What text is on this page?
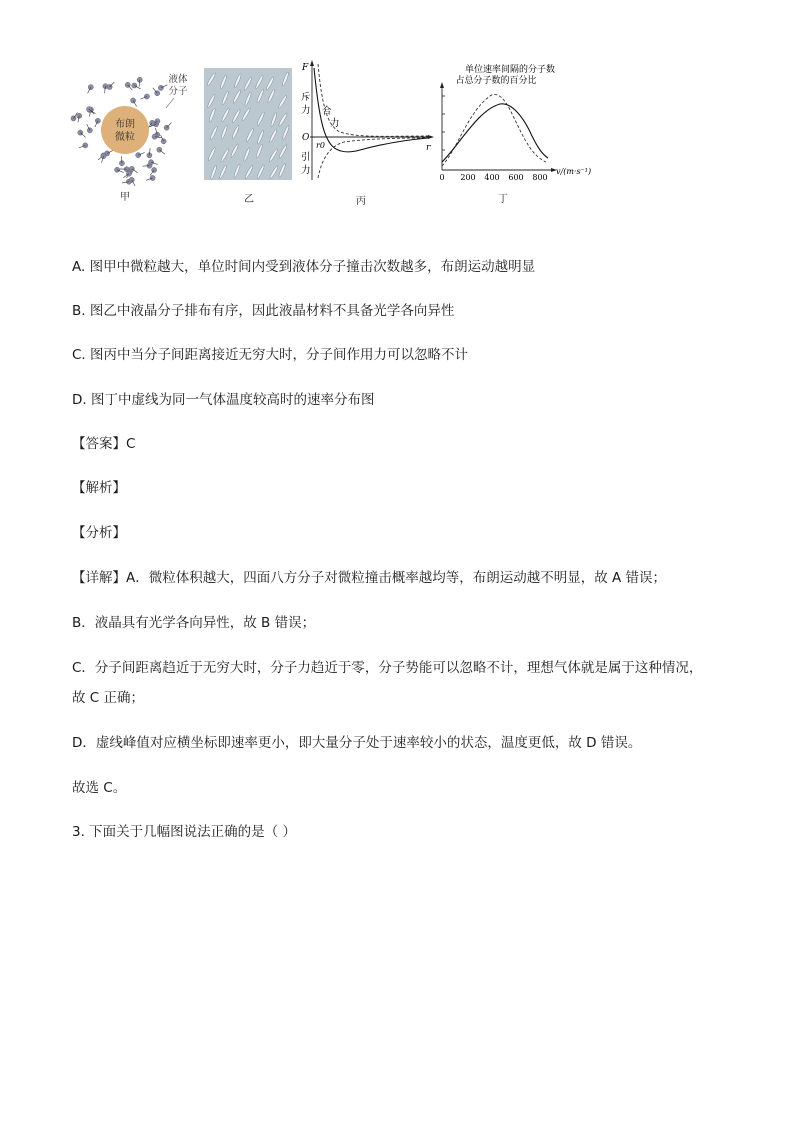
布朗
微粒
液体
分子
甲	乙
F
O
r
r0
斥
力
引
力
合
力
丙
单位速率间隔的分子数
占总分子数的百分比
0 200 400 600 800
v/(m·s⁻¹)
丁
A. 图甲中微粒越大，单位时间内受到液体分子撞击次数越多，布朗运动越明显
B. 图乙中液晶分子排布有序，因此液晶材料不具备光学各向异性
C. 图丙中当分子间距离接近无穷大时，分子间作用力可以忽略不计
D. 图丁中虚线为同一气体温度较高时的速率分布图
【答案】C
【解析】
【分析】
【详解】A．微粒体积越大，四面八方分子对微粒撞击概率越均等，布朗运动越不明显，故 A 错误；
B．液晶具有光学各向异性，故 B 错误；
C．分子间距离趋近于无穷大时，分子力趋近于零，分子势能可以忽略不计，理想气体就是属于这种情况，
故 C 正确；
D．虚线峰值对应横坐标即速率更小，即大量分子处于速率较小的状态，温度更低，故 D 错误。
故选 C。
3. 下面关于几幅图说法正确的是（ ）
